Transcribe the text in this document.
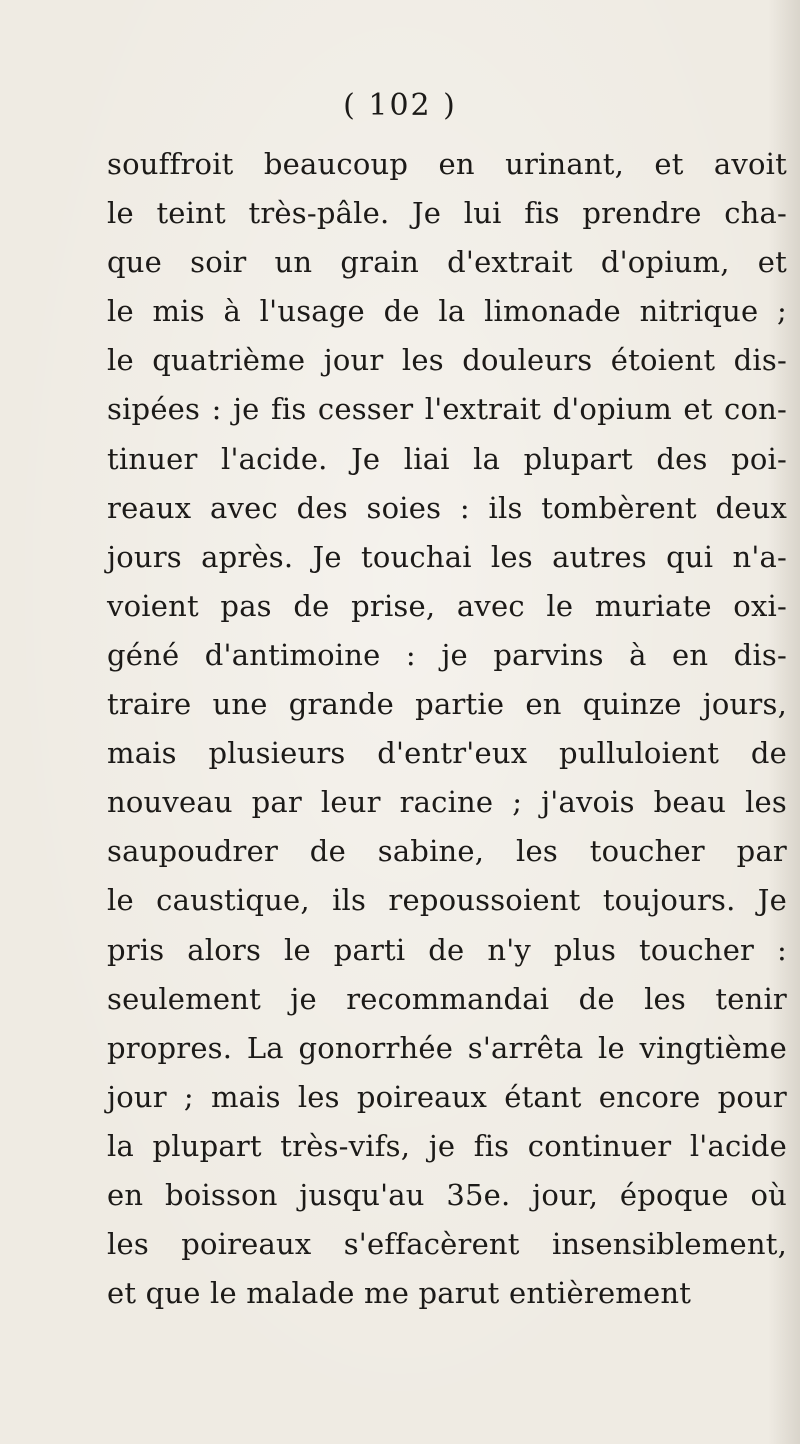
( 102 )
souffroit beaucoup en urinant, et avoit
le teint très-pâle. Je lui fis prendre cha-
que soir un grain d'extrait d'opium, et
le mis à l'usage de la limonade nitrique ;
le quatrième jour les douleurs étoient dis-
sipées : je fis cesser l'extrait d'opium et con-
tinuer l'acide. Je liai la plupart des poi-
reaux avec des soies : ils tombèrent deux
jours après. Je touchai les autres qui n'a-
voient pas de prise, avec le muriate oxi-
géné d'antimoine : je parvins à en dis-
traire une grande partie en quinze jours,
mais plusieurs d'entr'eux pulluloient de
nouveau par leur racine ; j'avois beau les
saupoudrer de sabine, les toucher par
le caustique, ils repoussoient toujours. Je
pris alors le parti de n'y plus toucher :
seulement je recommandai de les tenir
propres. La gonorrhée s'arrêta le vingtième
jour ; mais les poireaux étant encore pour
la plupart très-vifs, je fis continuer l'acide
en boisson jusqu'au 35e. jour, époque où
les poireaux s'effacèrent insensiblement,
et que le malade me parut entièrement
